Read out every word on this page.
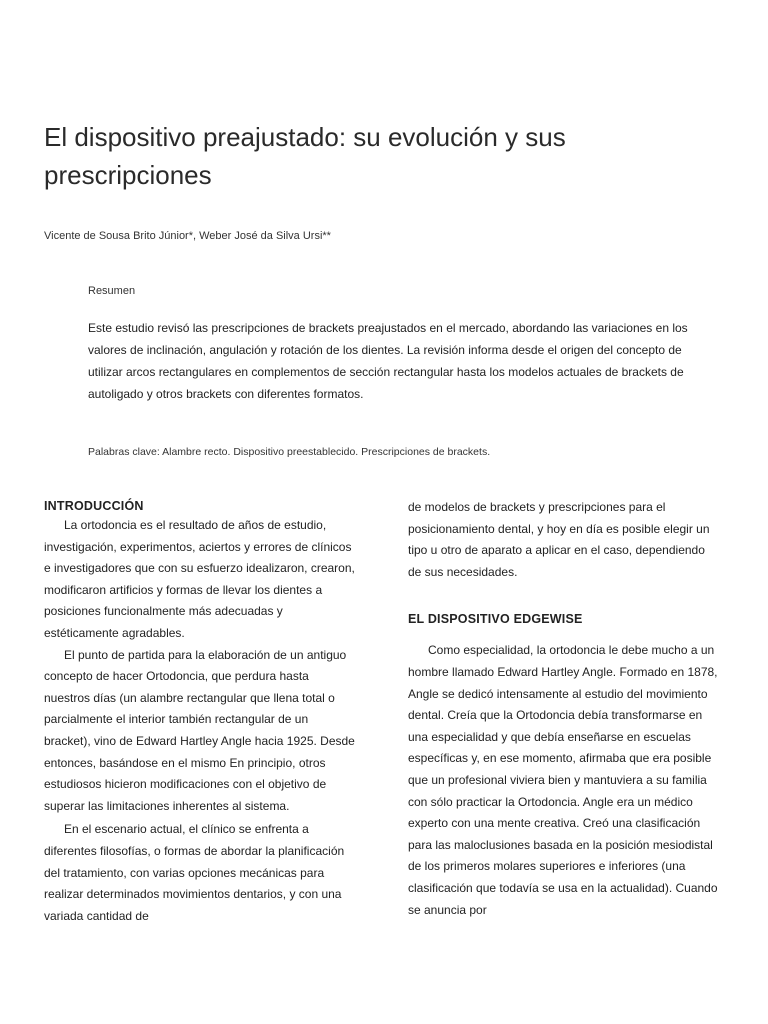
El dispositivo preajustado: su evolución y sus prescripciones
Vicente de Sousa Brito Júnior*, Weber José da Silva Ursi**
Resumen

Este estudio revisó las prescripciones de brackets preajustados en el mercado, abordando las variaciones en los valores de inclinación, angulación y rotación de los dientes. La revisión informa desde el origen del concepto de utilizar arcos rectangulares en complementos de sección rectangular hasta los modelos actuales de brackets de autoligado y otros brackets con diferentes formatos.

Palabras clave: Alambre recto. Dispositivo preestablecido. Prescripciones de brackets.
INTRODUCCIÓN

La ortodoncia es el resultado de años de estudio, investigación, experimentos, aciertos y errores de clínicos e investigadores que con su esfuerzo idealizaron, crearon, modificaron artificios y formas de llevar los dientes a posiciones funcionalmente más adecuadas y estéticamente agradables.

El punto de partida para la elaboración de un antiguo concepto de hacer Ortodoncia, que perdura hasta nuestros días (un alambre rectangular que llena total o parcialmente el interior también rectangular de un bracket), vino de Edward Hartley Angle hacia 1925. Desde entonces, basándose en el mismo En principio, otros estudiosos hicieron modificaciones con el objetivo de superar las limitaciones inherentes al sistema.

En el escenario actual, el clínico se enfrenta a diferentes filosofías, o formas de abordar la planificación del tratamiento, con varias opciones mecánicas para realizar determinados movimientos dentarios, y con una variada cantidad de

de modelos de brackets y prescripciones para el posicionamiento dental, y hoy en día es posible elegir un tipo u otro de aparato a aplicar en el caso, dependiendo de sus necesidades.

EL DISPOSITIVO EDGEWISE

Como especialidad, la ortodoncia le debe mucho a un hombre llamado Edward Hartley Angle. Formado en 1878, Angle se dedicó intensamente al estudio del movimiento dental. Creía que la Ortodoncia debía transformarse en una especialidad y que debía enseñarse en escuelas específicas y, en ese momento, afirmaba que era posible que un profesional viviera bien y mantuviera a su familia con sólo practicar la Ortodoncia. Angle era un médico experto con una mente creativa. Creó una clasificación para las maloclusiones basada en la posición mesiodistal de los primeros molares superiores e inferiores (una clasificación que todavía se usa en la actualidad). Cuando se anuncia por
